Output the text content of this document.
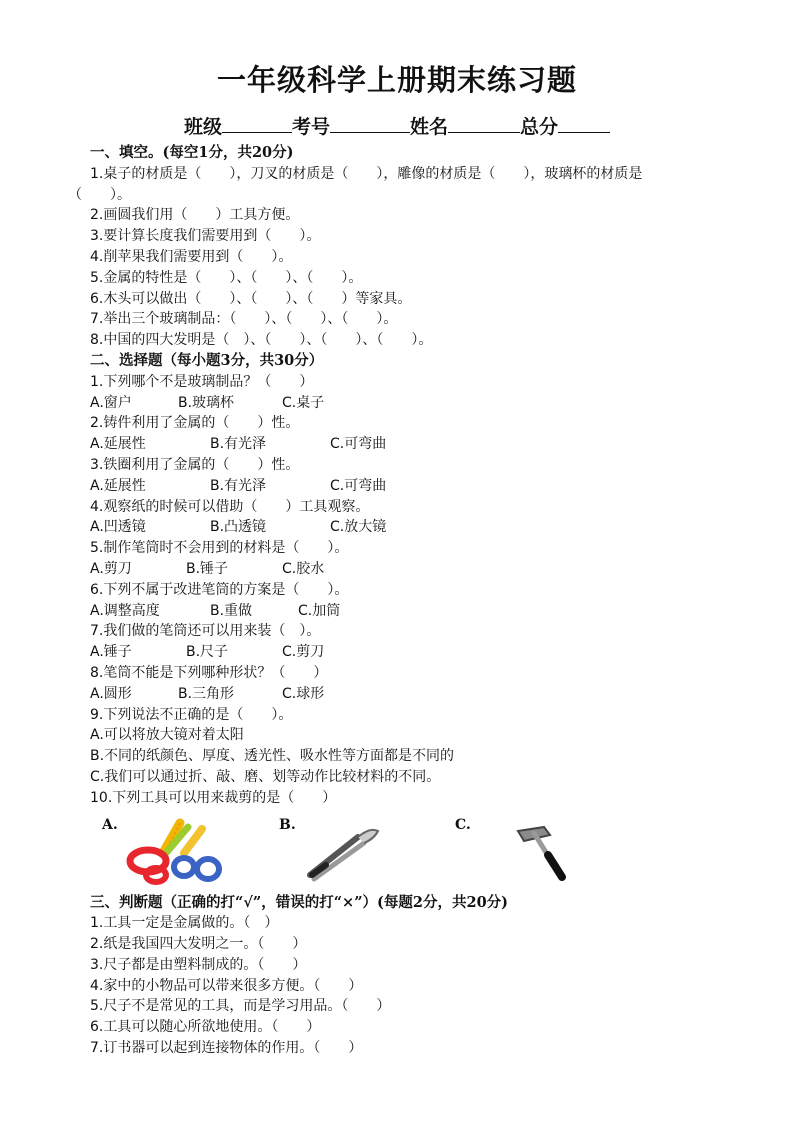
一年级科学上册期末练习题
班级	考号	姓名	总分
一、填空。(每空1分，共20分)
1.桌子的材质是（　　），刀叉的材质是（　　），雕像的材质是（　　），玻璃杯的材质是
（　　）。
2.画圆我们用（　　）工具方便。
3.要计算长度我们需要用到（　　）。
4.削苹果我们需要用到（　　）。
5.金属的特性是（　　）、（　　）、（　　）。
6.木头可以做出（　　）、（　　）、（　　）等家具。
7.举出三个玻璃制品：（　　）、（　　）、（　　）。
8.中国的四大发明是（　）、（　　）、（　　）、（　　）。
二、选择题（每小题3分，共30分）
1.下列哪个不是玻璃制品？（　　）
A.窗户	B.玻璃杯	C.桌子
2.铸件利用了金属的（　　）性。
A.延展性	B.有光泽	C.可弯曲
3.铁圈利用了金属的（　　）性。
A.延展性	B.有光泽	C.可弯曲
4.观察纸的时候可以借助（　　）工具观察。
A.凹透镜	B.凸透镜	C.放大镜
5.制作笔筒时不会用到的材料是（　　）。
A.剪刀	B.锤子	C.胶水
6.下列不属于改进笔筒的方案是（　　）。
A.调整高度	B.重做	C.加筒
7.我们做的笔筒还可以用来装（　）。
A.锤子	B.尺子	C.剪刀
8.笔筒不能是下列哪种形状？（　　）
A.圆形	B.三角形	C.球形
9.下列说法不正确的是（　　）。
A.可以将放大镜对着太阳
B.不同的纸颜色、厚度、透光性、吸水性等方面都是不同的
C.我们可以通过折、敲、磨、划等动作比较材料的不同。
10.下列工具可以用来裁剪的是（　　）
A.	B.	C.
三、判断题（正确的打“√”，错误的打“×”）(每题2分，共20分)
1.工具一定是金属做的。（　）
2.纸是我国四大发明之一。（　　）
3.尺子都是由塑料制成的。（　　）
4.家中的小物品可以带来很多方便。（　　）
5.尺子不是常见的工具，而是学习用品。（　　）
6.工具可以随心所欲地使用。（　　）
7.订书器可以起到连接物体的作用。（　　）
